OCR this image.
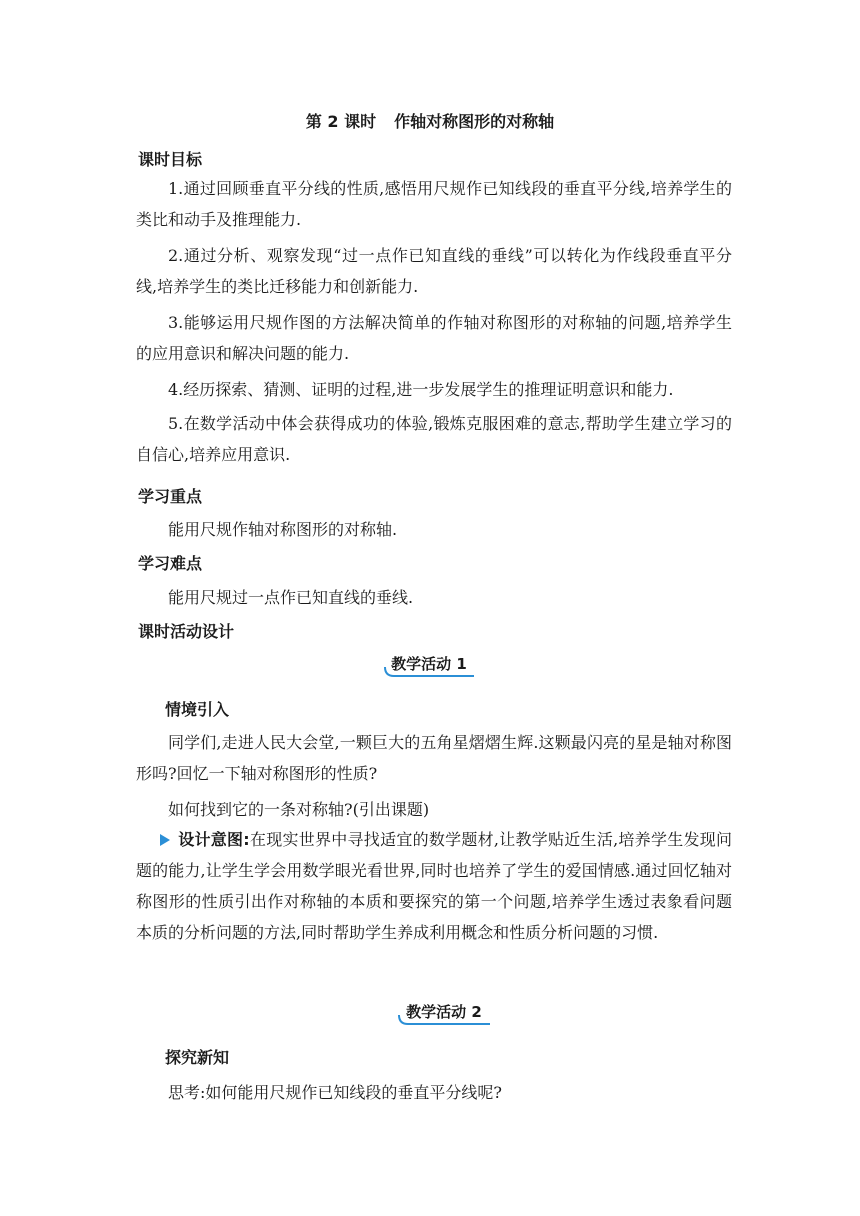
第 2 课时 作轴对称图形的对称轴
课时目标
1.通过回顾垂直平分线的性质,感悟用尺规作已知线段的垂直平分线,培养学生的类比和动手及推理能力.
2.通过分析、观察发现“过一点作已知直线的垂线”可以转化为作线段垂直平分线,培养学生的类比迁移能力和创新能力.
3.能够运用尺规作图的方法解决简单的作轴对称图形的对称轴的问题,培养学生的应用意识和解决问题的能力.
4.经历探索、猜测、证明的过程,进一步发展学生的推理证明意识和能力.
5.在数学活动中体会获得成功的体验,锻炼克服困难的意志,帮助学生建立学习的自信心,培养应用意识.
学习重点
能用尺规作轴对称图形的对称轴.
学习难点
能用尺规过一点作已知直线的垂线.
课时活动设计
教学活动 1
情境引入
同学们,走进人民大会堂,一颗巨大的五角星熠熠生辉.这颗最闪亮的星是轴对称图形吗?回忆一下轴对称图形的性质?
如何找到它的一条对称轴?(引出课题)
设计意图:在现实世界中寻找适宜的数学题材,让教学贴近生活,培养学生发现问题的能力,让学生学会用数学眼光看世界,同时也培养了学生的爱国情感.通过回忆轴对称图形的性质引出作对称轴的本质和要探究的第一个问题,培养学生透过表象看问题本质的分析问题的方法,同时帮助学生养成利用概念和性质分析问题的习惯.
教学活动 2
探究新知
思考:如何能用尺规作已知线段的垂直平分线呢?
